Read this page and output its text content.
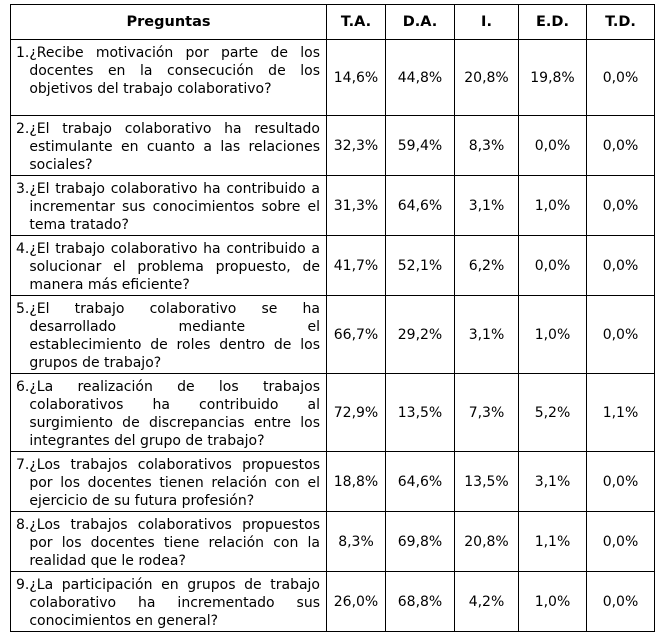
Preguntas	T.A.	D.A.	I.	E.D.	T.D.

1. ¿Recibe motivación por parte de los docentes en la consecución de los objetivos del trabajo colaborativo?	14,6%	44,8%	20,8%	19,8%	0,0%

2. ¿El trabajo colaborativo ha resultado estimulante en cuanto a las relaciones sociales?	32,3%	59,4%	8,3%	0,0%	0,0%

3. ¿El trabajo colaborativo ha contribuido a incrementar sus conocimientos sobre el tema tratado?	31,3%	64,6%	3,1%	1,0%	0,0%

4. ¿El trabajo colaborativo ha contribuido a solucionar el problema propuesto, de manera más eficiente?	41,7%	52,1%	6,2%	0,0%	0,0%

5. ¿El trabajo colaborativo se ha desarrollado mediante el establecimiento de roles dentro de los grupos de trabajo?	66,7%	29,2%	3,1%	1,0%	0,0%

6. ¿La realización de los trabajos colaborativos ha contribuido al surgimiento de discrepancias entre los integrantes del grupo de trabajo?	72,9%	13,5%	7,3%	5,2%	1,1%

7. ¿Los trabajos colaborativos propuestos por los docentes tienen relación con el ejercicio de su futura profesión?	18,8%	64,6%	13,5%	3,1%	0,0%

8. ¿Los trabajos colaborativos propuestos por los docentes tiene relación con la realidad que le rodea?	8,3%	69,8%	20,8%	1,1%	0,0%

9. ¿La participación en grupos de trabajo colaborativo ha incrementado sus conocimientos en general?	26,0%	68,8%	4,2%	1,0%	0,0%
